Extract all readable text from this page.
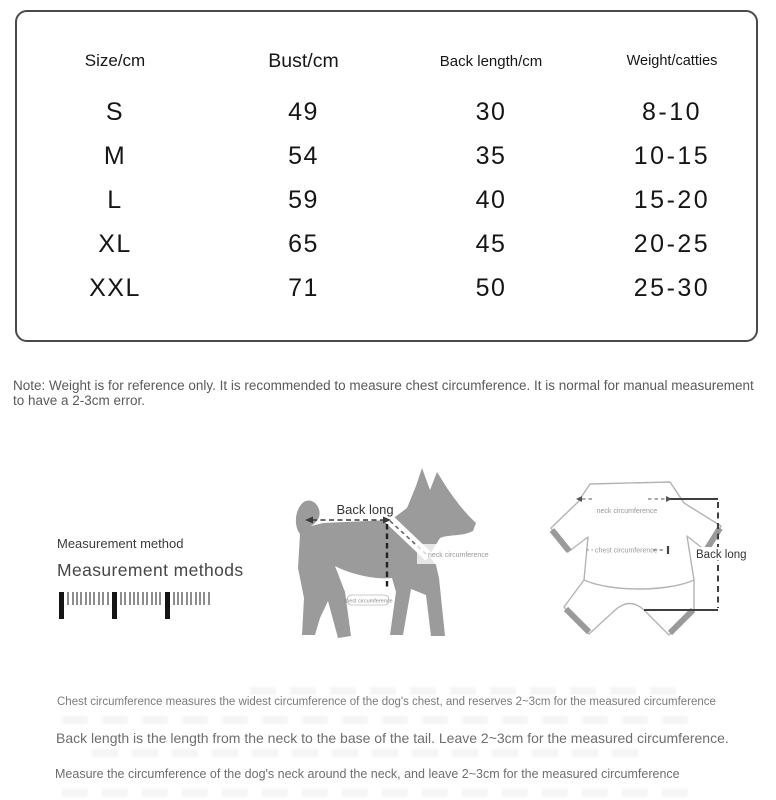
Size/cm	Bust/cm	Back length/cm	Weight/catties
S	49	30	8-10
M	54	35	10-15
L	59	40	15-20
XL	65	45	20-25
XXL	71	50	25-30
Note: Weight is for reference only. It is recommended to measure chest circumference. It is normal for manual measurement to have a 2-3cm error.
Measurement method
Measurement methods
Back long
chest circumference
neck circumference
neck circumference
chest circumference	Back long
Chest circumference measures the widest circumference of the dog's chest, and reserves 2~3cm for the measured circumference
Back length is the length from the neck to the base of the tail. Leave 2~3cm for the measured circumference.
Measure the circumference of the dog's neck around the neck, and leave 2~3cm for the measured circumference
